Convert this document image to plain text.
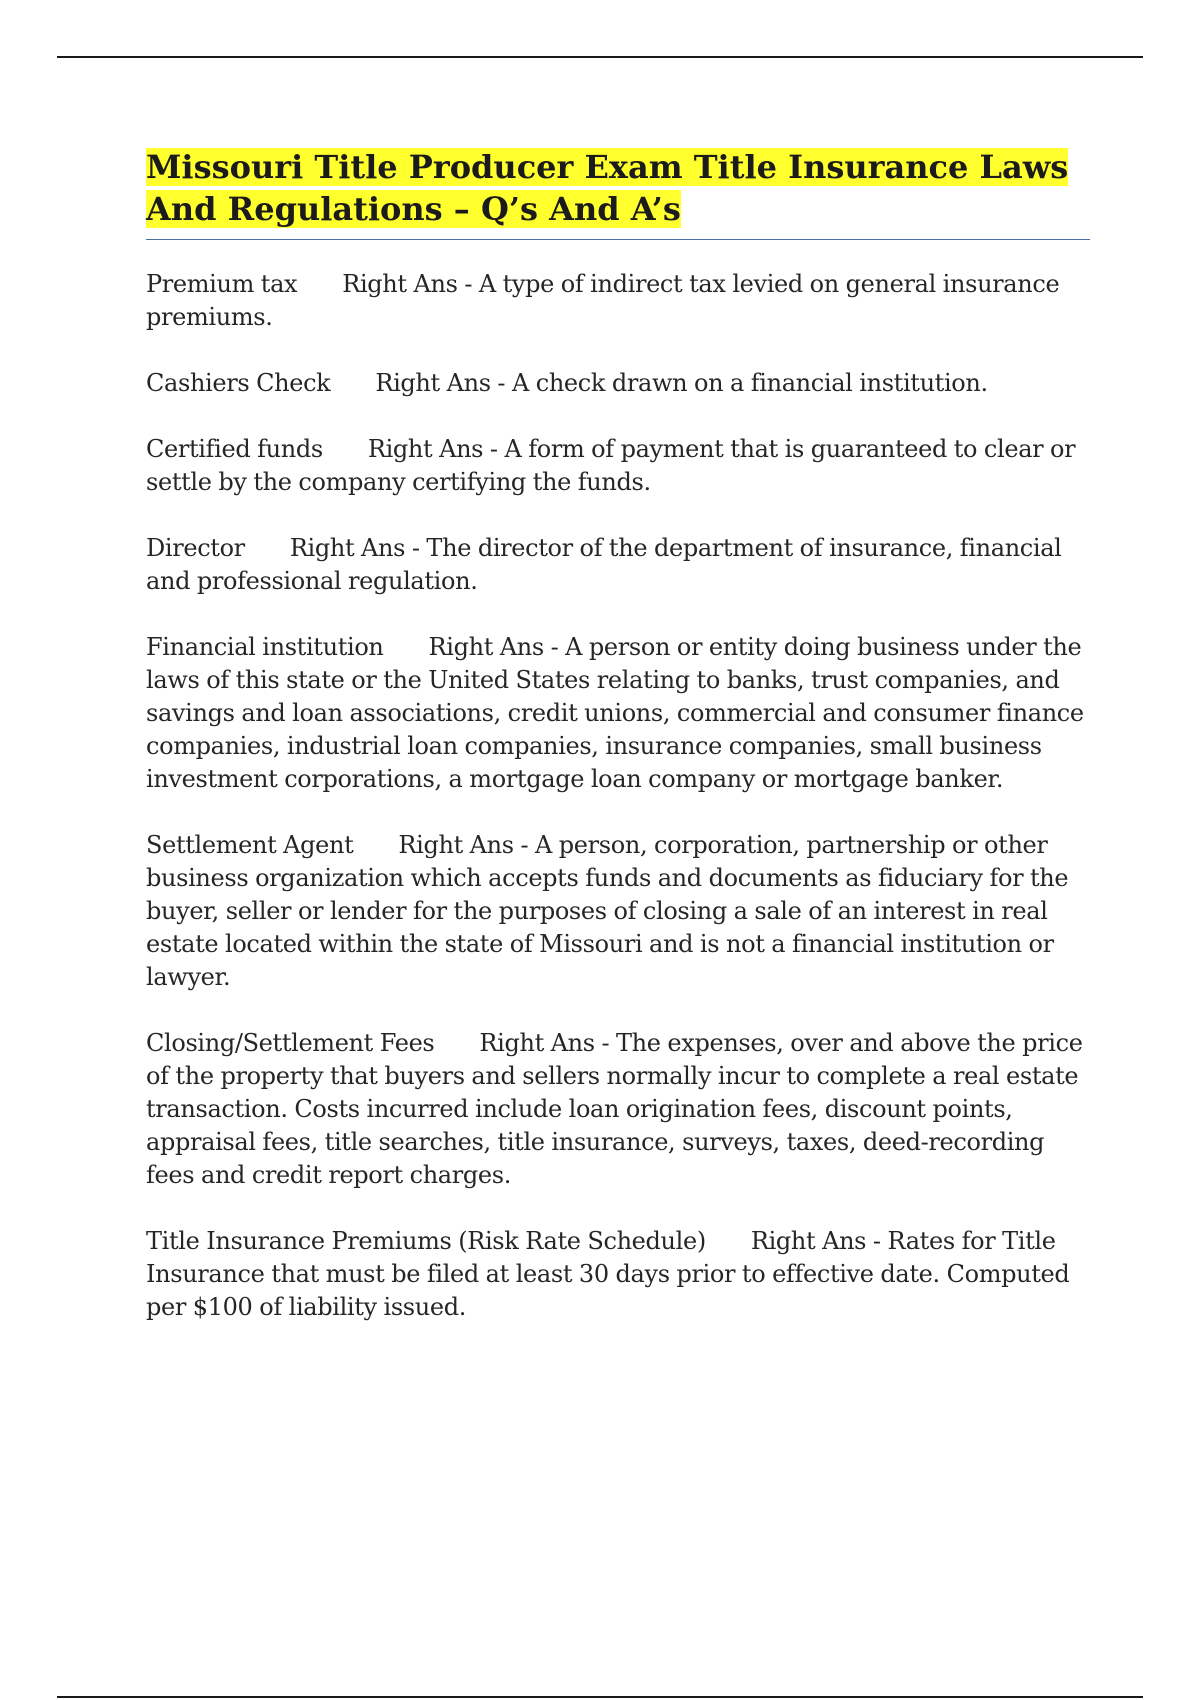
Missouri Title Producer Exam Title Insurance Laws And Regulations – Q’s And A’s

Premium tax Right Ans - A type of indirect tax levied on general insurance premiums.

Cashiers Check Right Ans - A check drawn on a financial institution.

Certified funds Right Ans - A form of payment that is guaranteed to clear or settle by the company certifying the funds.

Director Right Ans - The director of the department of insurance, financial and professional regulation.

Financial institution Right Ans - A person or entity doing business under the laws of this state or the United States relating to banks, trust companies, and savings and loan associations, credit unions, commercial and consumer finance companies, industrial loan companies, insurance companies, small business investment corporations, a mortgage loan company or mortgage banker.

Settlement Agent Right Ans - A person, corporation, partnership or other business organization which accepts funds and documents as fiduciary for the buyer, seller or lender for the purposes of closing a sale of an interest in real estate located within the state of Missouri and is not a financial institution or lawyer.

Closing/Settlement Fees Right Ans - The expenses, over and above the price of the property that buyers and sellers normally incur to complete a real estate transaction. Costs incurred include loan origination fees, discount points, appraisal fees, title searches, title insurance, surveys, taxes, deed-recording fees and credit report charges.

Title Insurance Premiums (Risk Rate Schedule) Right Ans - Rates for Title Insurance that must be filed at least 30 days prior to effective date. Computed per $100 of liability issued.
